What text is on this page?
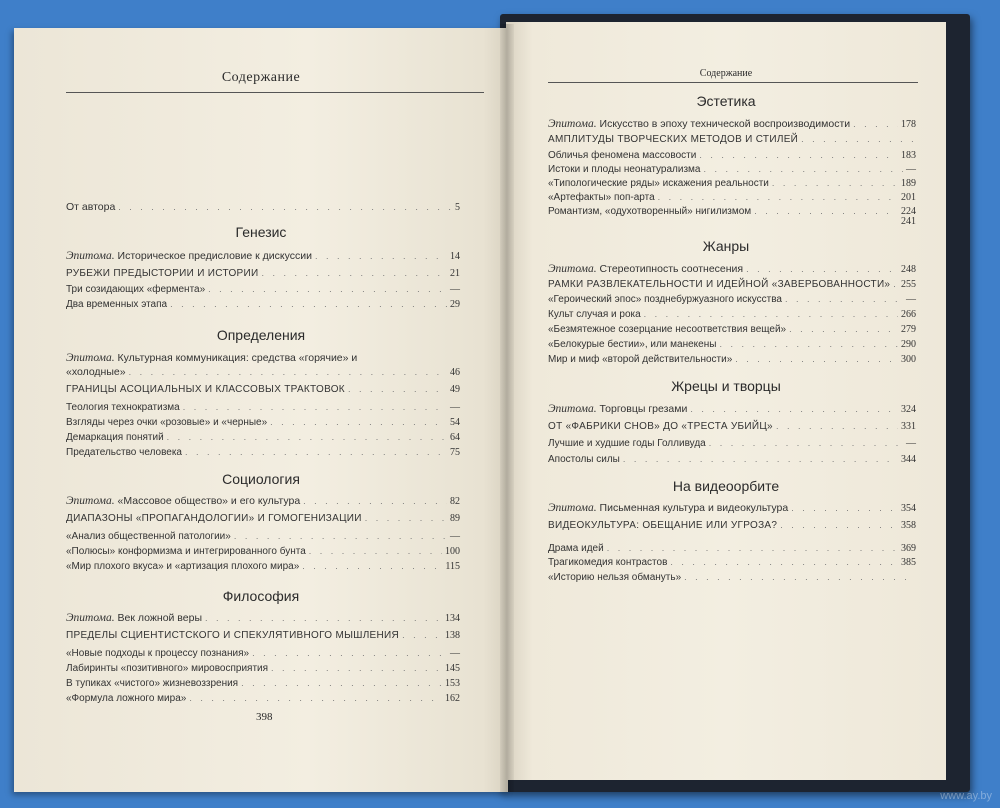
Содержание
От автора . . .	5
Генезис
Эпитома. Историческое предисловие к дискуссии . . .	14
РУБЕЖИ ПРЕДЫСТОРИИ И ИСТОРИИ . . .	21
Три созидающих «фермента» . . .	—
Два временных этапа . . .	29
Определения
Эпитома. Культурная коммуникация: средства «горячие» и
«холодные» . . .	46
ГРАНИЦЫ АСОЦИАЛЬНЫХ И КЛАССОВЫХ ТРАКТОВОК . . .	49
Теология технократизма . . .	—
Взгляды через очки «розовые» и «черные» . . .	54
Демаркация понятий . . .	64
Предательство человека . . .	75
Социология
Эпитома. «Массовое общество» и его культура . . .	82
ДИАПАЗОНЫ «ПРОПАГАНДОЛОГИИ» И ГОМОГЕНИЗАЦИИ . . .	89
«Анализ общественной патологии» . . .	—
«Полюсы» конформизма и интегрированного бунта . . .	100
«Мир плохого вкуса» и «артизация плохого мира» . . .	115
Философия
Эпитома. Век ложной веры . . .	134
ПРЕДЕЛЫ СЦИЕНТИСТСКОГО И СПЕКУЛЯТИВНОГО МЫШЛЕНИЯ . . .	138
«Новые подходы к процессу познания» . . .	—
Лабиринты «позитивного» мировосприятия . . .	145
В тупиках «чистого» жизневоззрения . . .	153
«Формула ложного мира» . . .	162
398
Содержание
Эстетика
Эпитома. Искусство в эпоху технической воспроизводимости . . .	178
АМПЛИТУДЫ ТВОРЧЕСКИХ МЕТОДОВ И СТИЛЕЙ
. . .
Обличья феномена массовости . . .	183
Истоки и плоды неонатурализма . . .	—
«Типологические ряды» искажения реальности . . .	189
«Артефакты» поп-арта . . .	201
Романтизм, «одухотворенный» нигилизмом . . .	224
241
Жанры
Эпитома. Стереотипность соотнесения . . .	248
РАМКИ РАЗВЛЕКАТЕЛЬНОСТИ И ИДЕЙНОЙ «ЗАВЕРБОВАННОСТИ» . . . 255
«Героический эпос» позднебуржуазного искусства . . .	—
Культ случая и рока . . .	266
«Безмятежное созерцание несоответствия вещей» . . .	279
«Белокурые бестии», или манекены . . .	290
Мир и миф «второй действительности» . . .	300
Жрецы и творцы
Эпитома. Торговцы грезами . . .	324
ОТ «ФАБРИКИ СНОВ» ДО «ТРЕСТА УБИЙЦ» . . .	331
Лучшие и худшие годы Голливуда . . .	—
Апостолы силы . . .	344
На видеоорбите
Эпитома. Письменная культура и видеокультура . . .	354
ВИДЕОКУЛЬТУРА: ОБЕЩАНИЕ ИЛИ УГРОЗА? . . .	358
Драма идей . . .	369
Трагикомедия контрастов . . .	385
«Историю нельзя обмануть»
. . .
www.ay.by
